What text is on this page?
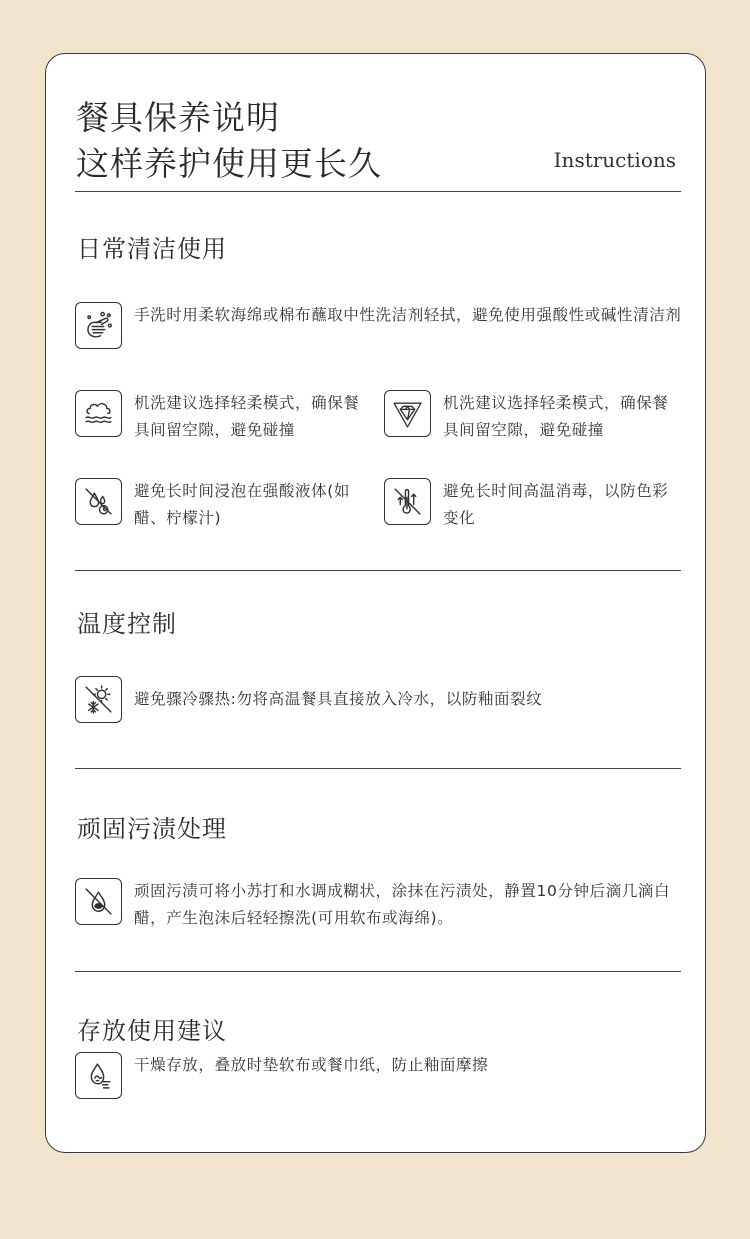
餐具保养说明
这样养护使用更长久	Instructions
日常清洁使用
手洗时用柔软海绵或棉布蘸取中性洗洁剂轻拭，避免使用强酸性或碱性清洁剂
机洗建议选择轻柔模式，确保餐具间留空隙，避免碰撞
机洗建议选择轻柔模式，确保餐具间留空隙，避免碰撞
避免长时间浸泡在强酸液体(如醋、柠檬汁)
避免长时间高温消毒，以防色彩变化
温度控制
避免骤冷骤热:勿将高温餐具直接放入冷水，以防釉面裂纹
顽固污渍处理
顽固污渍可将小苏打和水调成糊状，涂抹在污渍处，静置10分钟后滴几滴白醋，产生泡沫后轻轻擦洗(可用软布或海绵)。
存放使用建议
干燥存放，叠放时垫软布或餐巾纸，防止釉面摩擦
